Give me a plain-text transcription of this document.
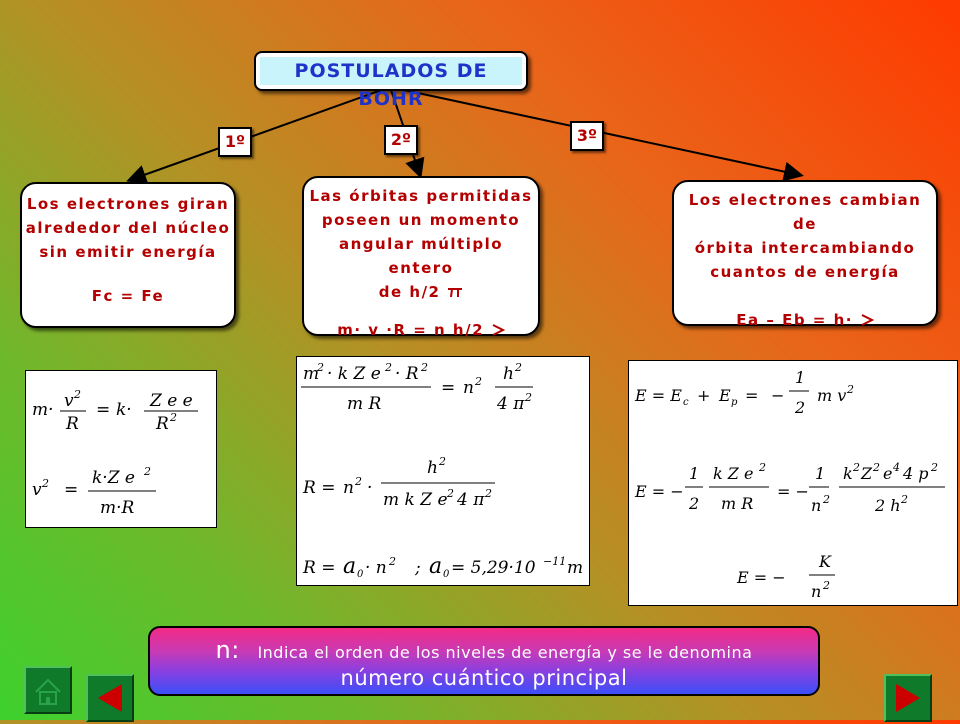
POSTULADOS DE BOHR
1º	2º	3º
Los electrones giran
alrededor del núcleo
sin emitir energía
Fc = Fe
Las órbitas permitidas
poseen un momento
angular múltiplo entero
de h/2
m· v ·R = n h/2
Los electrones cambian de
órbita intercambiando
cuantos de energía
Ea – Eb = h·
m· v 2
R
= k· Z e e
R 2
v 2 =
k·Z e 2
m·R
m
2 · k Z e 2 · R 2
m R
= n 2 h 2
4 π 2
R = n 2 ·
h 2
m k Z e 2 4 π 2
R = a 0 · n 2 ; a 0 = 5,29·10 −11 m
E = E c + E p = −
1
2
m v 2
E = −
1
2
k Z e 2
m R
= −
1
n 2
k 2 Z 2 e 4 4 p 2
2 h 2
E = −
K
n 2
n: Indica el orden de los niveles de energía y se le denomina
número cuántico principal
